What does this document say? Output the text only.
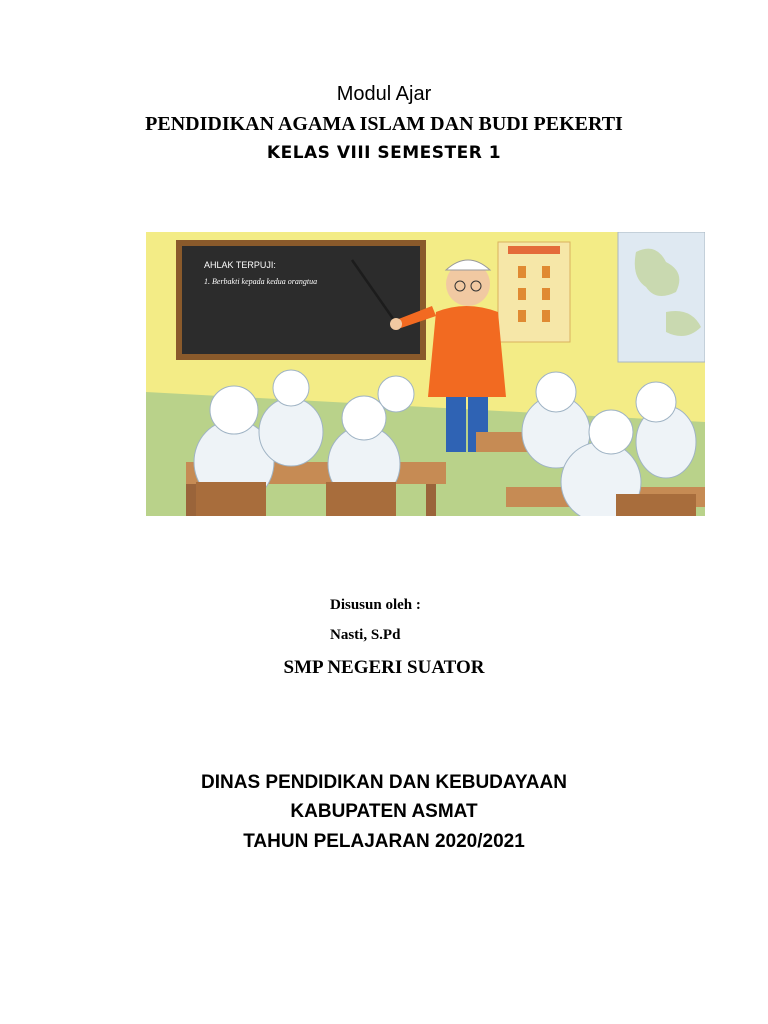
Modul Ajar
PENDIDIKAN AGAMA ISLAM DAN BUDI PEKERTI
KELAS VIII SEMESTER 1
AHLAK TERPUJI:
1. Berbakti kepada kedua orangtua
Disusun oleh :
Nasti, S.Pd
SMP NEGERI SUATOR
DINAS PENDIDIKAN DAN KEBUDAYAAN
KABUPATEN ASMAT
TAHUN PELAJARAN 2020/2021
